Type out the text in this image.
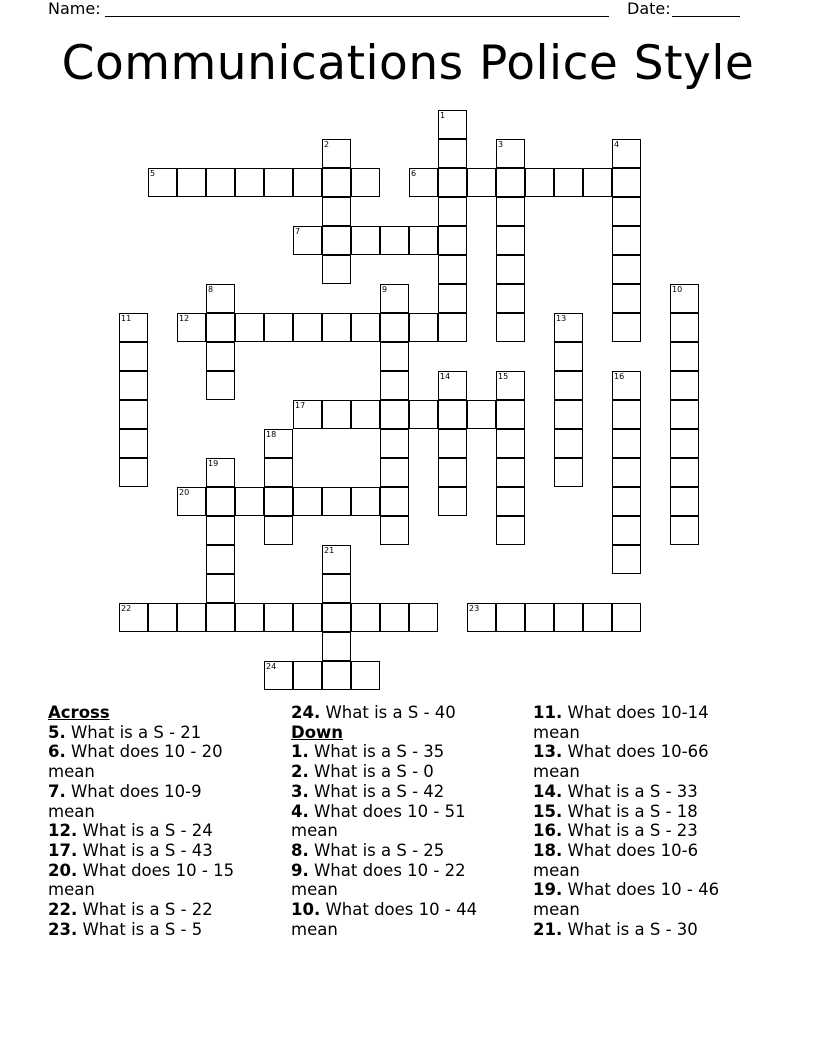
Name:	Date:
Communications Police Style
1
2	3	4
5	6
7
8	9	10
11	12	13
14	15	16
17
18
19
20
21
22	23
24
Across
5. What is a S - 21
6. What does 10 - 20
mean
7. What does 10-9
mean
12. What is a S - 24
17. What is a S - 43
20. What does 10 - 15
mean
22. What is a S - 22
23. What is a S - 5
24. What is a S - 40
Down
1. What is a S - 35
2. What is a S - 0
3. What is a S - 42
4. What does 10 - 51
mean
8. What is a S - 25
9. What does 10 - 22
mean
10. What does 10 - 44
mean
11. What does 10-14
mean
13. What does 10-66
mean
14. What is a S - 33
15. What is a S - 18
16. What is a S - 23
18. What does 10-6
mean
19. What does 10 - 46
mean
21. What is a S - 30
